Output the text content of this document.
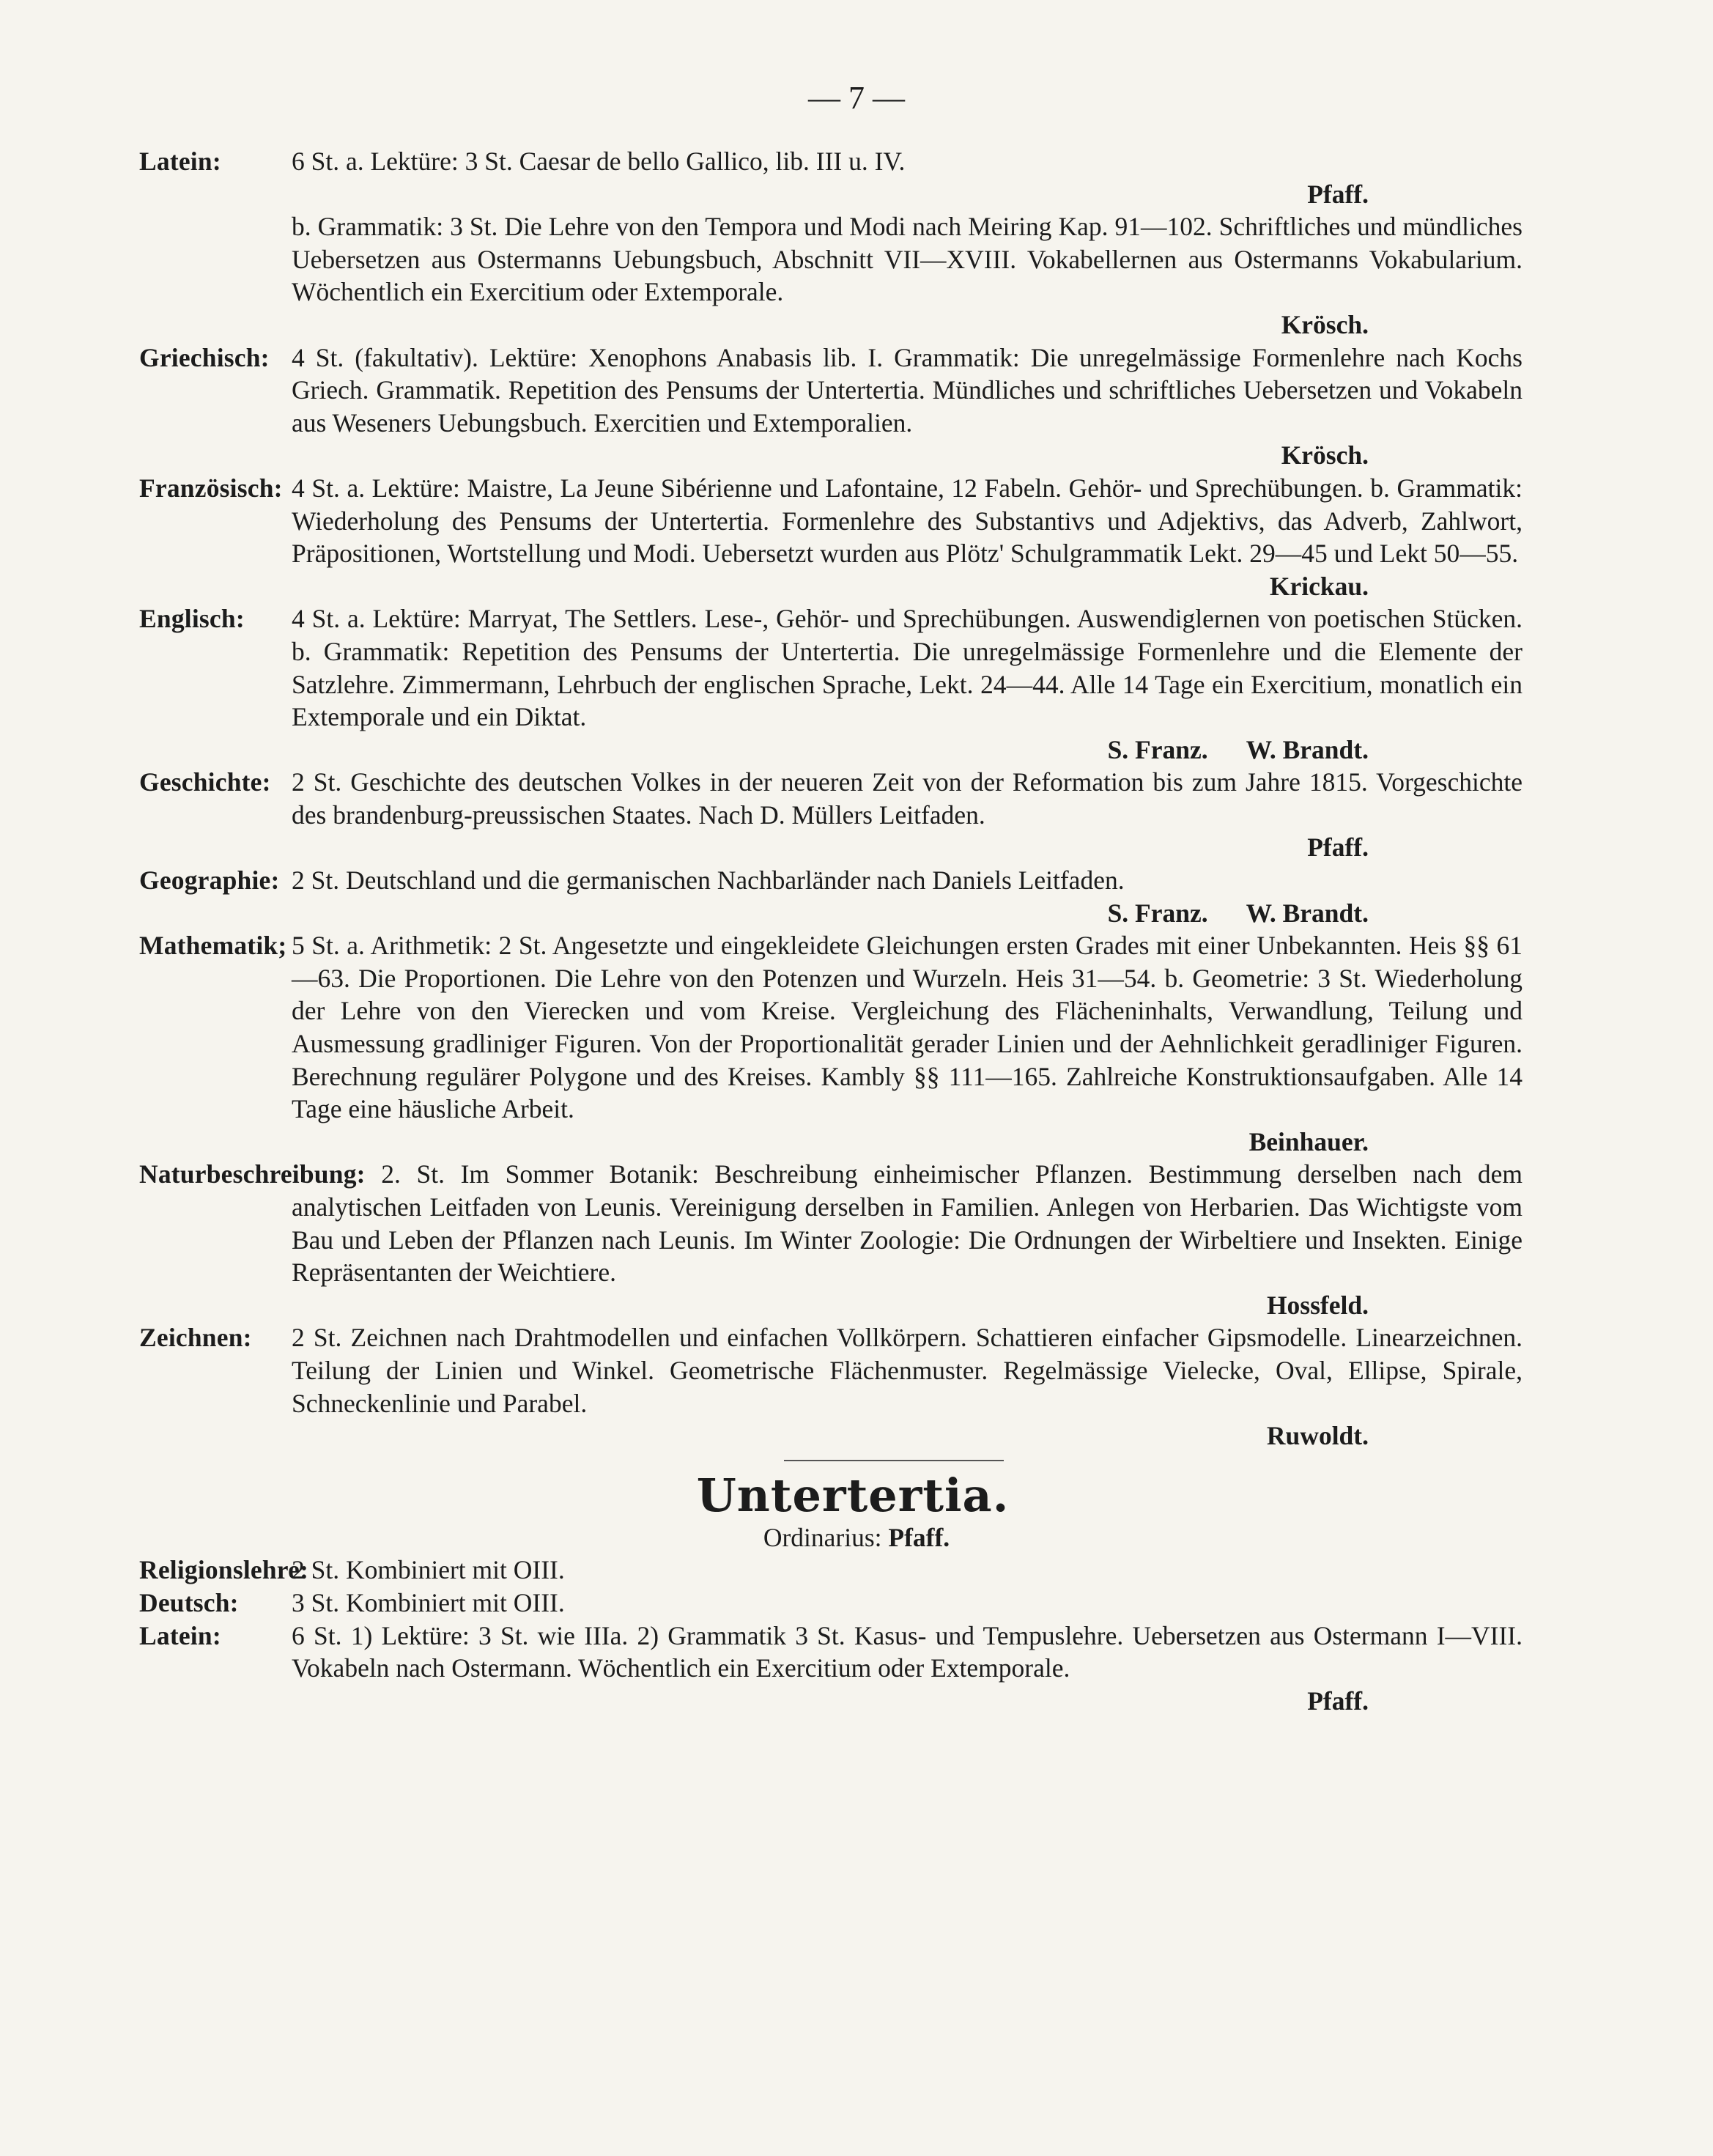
— 7 —
Latein:	6 St. a. Lektüre: 3 St. Caesar de bello Gallico, lib. III u. IV.
Pfaff.
b. Grammatik: 3 St. Die Lehre von den Tempora und Modi nach Meiring Kap. 91—102. Schriftliches und mündliches Uebersetzen aus Ostermanns Uebungsbuch, Abschnitt VII—XVIII. Vokabellernen aus Ostermanns Vokabularium. Wöchentlich ein Exercitium oder Extemporale.
Krösch.
Griechisch: 4 St. (fakultativ). Lektüre: Xenophons Anabasis lib. I. Grammatik: Die unregelmässige Formenlehre nach Kochs Griech. Grammatik. Repetition des Pensums der Untertertia. Mündliches und schriftliches Uebersetzen und Vokabeln aus Weseners Uebungsbuch. Exercitien und Extemporalien.
Krösch.
Französisch: 4 St. a. Lektüre: Maistre, La Jeune Sibérienne und Lafontaine, 12 Fabeln. Gehör- und Sprechübungen. b. Grammatik: Wiederholung des Pensums der Untertertia. Formenlehre des Substantivs und Adjektivs, das Adverb, Zahlwort, Präpositionen, Wortstellung und Modi. Uebersetzt wurden aus Plötz' Schulgrammatik Lekt. 29—45 und Lekt 50—55.
Krickau.
Englisch: 4 St. a. Lektüre: Marryat, The Settlers. Lese-, Gehör- und Sprechübungen. Auswendiglernen von poetischen Stücken. b. Grammatik: Repetition des Pensums der Untertertia. Die unregelmässige Formenlehre und die Elemente der Satzlehre. Zimmermann, Lehrbuch der englischen Sprache, Lekt. 24—44. Alle 14 Tage ein Exercitium, monatlich ein Extemporale und ein Diktat.
S. Franz. W. Brandt.
Geschichte: 2 St. Geschichte des deutschen Volkes in der neueren Zeit von der Reformation bis zum Jahre 1815. Vorgeschichte des brandenburg-preussischen Staates. Nach D. Müllers Leitfaden.
Pfaff.
Geographie: 2 St. Deutschland und die germanischen Nachbarländer nach Daniels Leitfaden.
S. Franz. W. Brandt.
Mathematik; 5 St. a. Arithmetik: 2 St. Angesetzte und eingekleidete Gleichungen ersten Grades mit einer Unbekannten. Heis §§ 61—63. Die Proportionen. Die Lehre von den Potenzen und Wurzeln. Heis 31—54. b. Geometrie: 3 St. Wiederholung der Lehre von den Vierecken und vom Kreise. Vergleichung des Flächeninhalts, Verwandlung, Teilung und Ausmessung gradliniger Figuren. Von der Proportionalität gerader Linien und der Aehnlichkeit geradliniger Figuren. Berechnung regulärer Polygone und des Kreises. Kambly §§ 111—165. Zahlreiche Konstruktionsaufgaben. Alle 14 Tage eine häusliche Arbeit.
Beinhauer.
Naturbeschreibung: 2. St. Im Sommer Botanik: Beschreibung einheimischer Pflanzen. Bestimmung derselben nach dem analytischen Leitfaden von Leunis. Vereinigung derselben in Familien. Anlegen von Herbarien. Das Wichtigste vom Bau und Leben der Pflanzen nach Leunis. Im Winter Zoologie: Die Ordnungen der Wirbeltiere und Insekten. Einige Repräsentanten der Weichtiere.
Hossfeld.
Zeichnen: 2 St. Zeichnen nach Drahtmodellen und einfachen Vollkörpern. Schattieren einfacher Gipsmodelle. Linearzeichnen. Teilung der Linien und Winkel. Geometrische Flächenmuster. Regelmässige Vielecke, Oval, Ellipse, Spirale, Schneckenlinie und Parabel.
Ruwoldt.
Untertertia.
Ordinarius: Pfaff.
Religionslehre:
2 St. Kombiniert mit OIII.
Deutsch: 3 St. Kombiniert mit OIII.
Latein:	6 St. 1) Lektüre: 3 St. wie IIIa. 2) Grammatik 3 St. Kasus- und Tempuslehre. Uebersetzen aus Ostermann I—VIII. Vokabeln nach Ostermann. Wöchentlich ein Exercitium oder Extemporale.
Pfaff.
